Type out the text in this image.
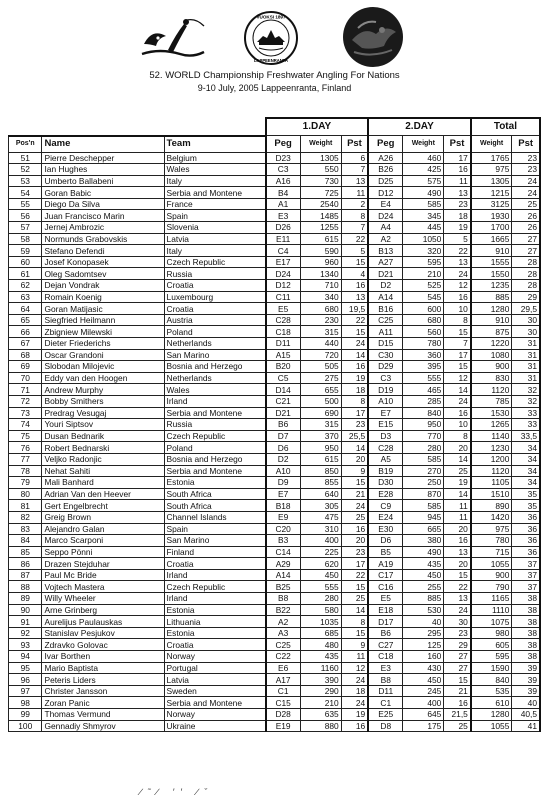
VUOKSI 1897
LAPPEENRANTA
52. WORLD Championship Freshwater Angling For Nations
9-10 July, 2005 Lappeenranta, Finland
			1.DAY			2.DAY			Total	
Pos'n	Name	Team	Peg	Weight	Pst	Peg	Weight	Pst	Weight	Pst
51	Pierre Deschepper	Belgium	D23	1305	6	A26	460	17	1765	23
52	Ian Hughes	Wales	C3	550	7	B26	425	16	975	23
53	Umberto Ballabeni	Italy	A16	730	13	D25	575	11	1305	24
54	Goran Babic	Serbia and Montene	B4	725	11	D12	490	13	1215	24
55	Diego Da Silva	France	A1	2540	2	E4	585	23	3125	25
56	Juan Francisco Marin	Spain	E3	1485	8	D24	345	18	1930	26
57	Jernej Ambrozic	Slovenia	D26	1255	7	A4	445	19	1700	26
58	Normunds Grabovskis	Latvia	E11	615	22	A2	1050	5	1665	27
59	Stefano Defendi	Italy	C4	590	5	B13	320	22	910	27
60	Josef Konopasek	Czech Republic	E17	960	15	A27	595	13	1555	28
61	Oleg Sadomtsev	Russia	D24	1340	4	D21	210	24	1550	28
62	Dejan Vondrak	Croatia	D12	710	16	D2	525	12	1235	28
63	Romain Koenig	Luxembourg	C11	340	13	A14	545	16	885	29
64	Goran Matijasic	Croatia	E5	680	19,5	B16	600	10	1280	29,5
65	Siegfried Heilmann	Austria	C28	230	22	C25	680	8	910	30
66	Zbigniew Milewski	Poland	C18	315	15	A11	560	15	875	30
67	Dieter Friederichs	Netherlands	D11	440	24	D15	780	7	1220	31
68	Oscar Grandoni	San Marino	A15	720	14	C30	360	17	1080	31
69	Slobodan Milojevic	Bosnia and Herzego	B20	505	16	D29	395	15	900	31
70	Eddy van den Hoogen	Netherlands	C5	275	19	C3	555	12	830	31
71	Andrew Murphy	Wales	D14	655	18	D19	465	14	1120	32
72	Bobby Smithers	Irland	C21	500	8	A10	285	24	785	32
73	Predrag Vesugaj	Serbia and Montene	D21	690	17	E7	840	16	1530	33
74	Youri Siptsov	Russia	B6	315	23	E15	950	10	1265	33
75	Dusan Bednarik	Czech Republic	D7	370	25,5	D3	770	8	1140	33,5
76	Robert Bednarski	Poland	D6	950	14	C28	280	20	1230	34
77	Veljko Radonjic	Bosnia and Herzego	D2	615	20	A5	585	14	1200	34
78	Nehat Sahiti	Serbia and Montene	A10	850	9	B19	270	25	1120	34
79	Mali Banhard	Estonia	D9	855	15	D30	250	19	1105	34
80	Adrian Van den Heever	South Africa	E7	640	21	E28	870	14	1510	35
81	Gert Engelbrecht	South Africa	B18	305	24	C9	585	11	890	35
82	Greig Brown	Channel Islands	E9	475	25	E24	945	11	1420	36
83	Alejandro Galan	Spain	C20	310	16	E30	665	20	975	36
84	Marco Scarponi	San Marino	B3	400	20	D6	380	16	780	36
85	Seppo Pönni	Finland	C14	225	23	B5	490	13	715	36
86	Drazen Stejduhar	Croatia	A29	620	17	A19	435	20	1055	37
87	Paul Mc Bride	Irland	A14	450	22	C17	450	15	900	37
88	Vojtech Mastera	Czech Republic	B25	555	15	C16	255	22	790	37
89	Willy Wheeler	Irland	B8	280	25	E5	885	13	1165	38
90	Arne Grinberg	Estonia	B22	580	14	E18	530	24	1110	38
91	Aurelijus Paulauskas	Lithuania	A2	1035	8	D17	40	30	1075	38
92	Stanislav Pesjukov	Estonia	A3	685	15	B6	295	23	980	38
93	Zdravko Golovac	Croatia	C25	480	9	C27	125	29	605	38
94	Ivar Borthen	Norway	C22	435	11	C18	160	27	595	38
95	Mario Baptista	Portugal	E6	1160	12	E3	430	27	1590	39
96	Peteris Liders	Latvia	A17	390	24	B8	450	15	840	39
97	Christer Jansson	Sweden	C1	290	18	D11	245	21	535	39
98	Zoran Panic	Serbia and Montene	C15	210	24	C1	400	16	610	40
99	Thomas Vermund	Norway	D28	635	19	E25	645	21,5	1280	40,5
100	Gennadiy Shmyrov	Ukraine	E19	880	16	D8	175	25	1055	41
∕˜∕ ′′ ∕ˇ
